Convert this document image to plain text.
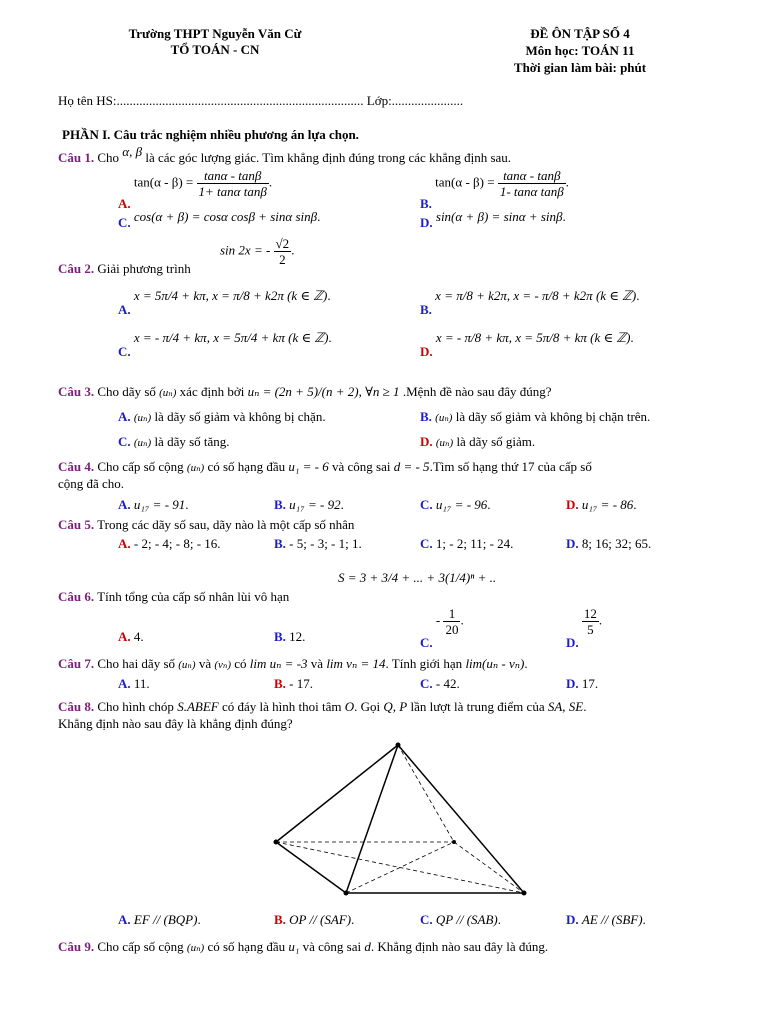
Trường THPT Nguyễn Văn Cừ
TỔ TOÁN - CN
ĐỀ ÔN TẬP SỐ 4
Môn học: TOÁN 11
Thời gian làm bài: phút
Họ tên HS:............................................................................ Lớp:......................
PHẦN I. Câu trắc nghiệm nhiều phương án lựa chọn.
Câu 1. Cho α, β là các góc lượng giác. Tìm khẳng định đúng trong các khẳng định sau.
A. $\tan(\alpha - \beta) = \frac{\tan\alpha - \tan\beta}{\text{1+ tanα tanβ}}$ .
B. $\tan(\alpha - \beta) = \frac{\tan\alpha - \tan\beta}{\text{1- tanα tanβ}}$ .
C. cos(α + β) = cosα cosβ + sinα sinβ.	D. sin(α + β) = sinα + sinβ.
sin 2x = - $\frac{√2}{2}$ .
Câu 2. Giải phương trình
A. x = 5π/4 + kπ, x = π/8 + k2π (k ∈ ℤ).
B. x = π/8 + k2π, x = - π/8 + k2π (k ∈ ℤ).
C. x = - π/4 + kπ, x = 5π/4 + kπ (k ∈ ℤ).
D. x = - π/8 + kπ, x = 5π/8 + kπ (k ∈ ℤ).
Câu 3. Cho dãy số (uₙ) xác định bởi uₙ = (2n + 5)/(n + 2), ∀n ≥ 1 .Mệnh đề nào sau đây đúng?
A. (uₙ) là dãy số giảm và không bị chặn.	B. (uₙ) là dãy số giảm và không bị chặn trên.
C. (uₙ) là dãy số tăng.	D. (uₙ) là dãy số giảm.
Câu 4. Cho cấp số cộng (uₙ) có số hạng đầu u₁ = - 6 và công sai d = - 5.Tìm số hạng thứ 17 của cấp số
cộng đã cho.
A. u₁₇ = - 91.	B. u₁₇ = - 92.	C. u₁₇ = - 96.	D. u₁₇ = - 86.
Câu 5. Trong các dãy số sau, dãy nào là một cấp số nhân
A. - 2; - 4; - 8; - 16.	B. - 5; - 3; - 1; 1.	C. 1; - 2; 11; - 24.	D. 8; 16; 32; 65.
S = 3 + 3/4 + ... + 3(1/4)ⁿ + ..
Câu 6. Tính tổng của cấp số nhân lùi vô hạn
A. 4.	B. 12.	C. - $\frac{1}{20}$ .
D.
$\frac{12}{5}$ .
Câu 7. Cho hai dãy số (uₙ) và (vₙ) có lim uₙ = -3 và lim vₙ = 14. Tính giới hạn lim(uₙ - vₙ).
A. 11.	B. - 17.	C. - 42.	D. 17.
Câu 8. Cho hình chóp S.ABEF có đáy là hình thoi tâm O. Gọi Q, P lần lượt là trung điểm của SA, SE.
Khẳng định nào sau đây là khẳng định đúng?
A. EF // (BQP).	B. OP // (SAF).	C. QP // (SAB).	D. AE // (SBF).
Câu 9. Cho cấp số cộng (uₙ) có số hạng đầu u₁ và công sai d. Khẳng định nào sau đây là đúng.
